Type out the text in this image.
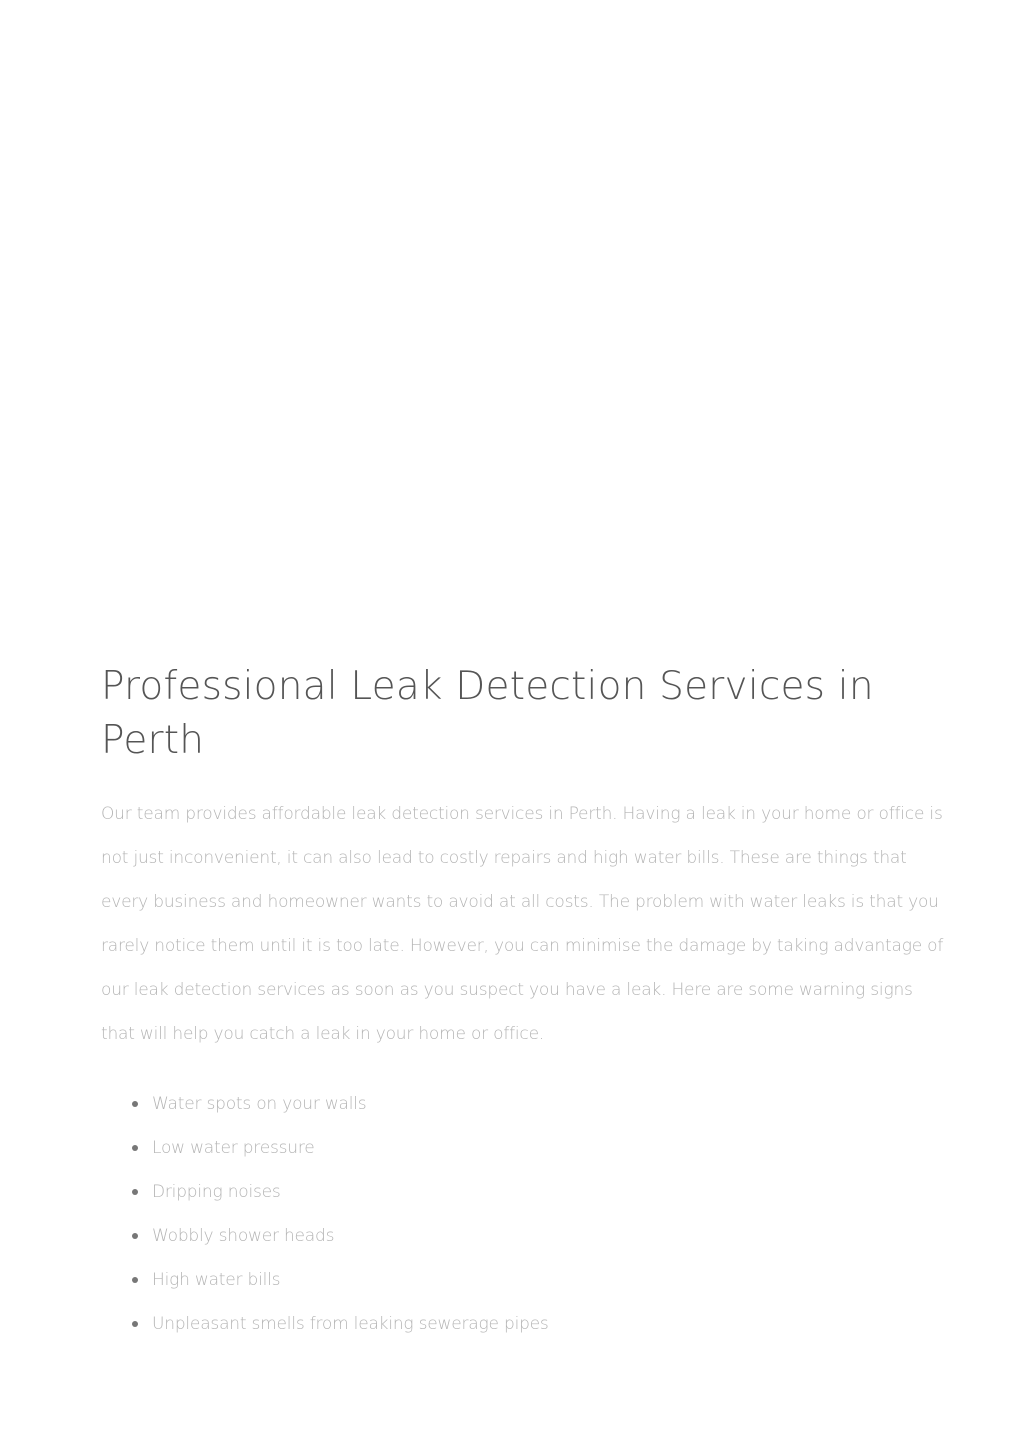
Professional Leak Detection Services in Perth

Our team provides affordable leak detection services in Perth. Having a leak in your home or office is not just inconvenient, it can also lead to costly repairs and high water bills. These are things that every business and homeowner wants to avoid at all costs. The problem with water leaks is that you rarely notice them until it is too late. However, you can minimise the damage by taking advantage of our leak detection services as soon as you suspect you have a leak. Here are some warning signs that will help you catch a leak in your home or office.

Water spots on your walls
Low water pressure
Dripping noises
Wobbly shower heads
High water bills
Unpleasant smells from leaking sewerage pipes
